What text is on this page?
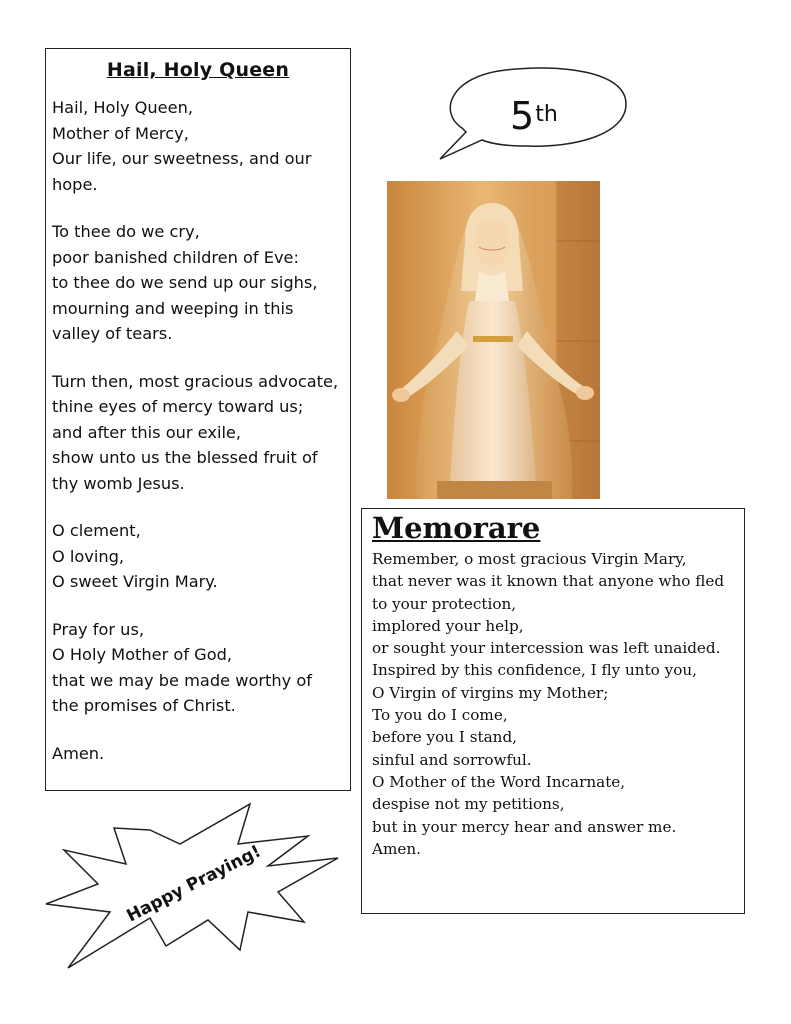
Hail, Holy Queen
Hail, Holy Queen,
Mother of Mercy,
Our life, our sweetness, and our
hope.
To thee do we cry,
poor banished children of Eve:
to thee do we send up our sighs,
mourning and weeping in this
valley of tears.
Turn then, most gracious advocate,
thine eyes of mercy toward us;
and after this our exile,
show unto us the blessed fruit of
thy womb Jesus.
O clement,
O loving,
O sweet Virgin Mary.
Pray for us,
O Holy Mother of God,
that we may be made worthy of
the promises of Christ.
Amen.
5th
Memorare
Remember, o most gracious Virgin Mary,
that never was it known that anyone who fled
to your protection,
implored your help,
or sought your intercession was left unaided.
Inspired by this confidence, I fly unto you,
O Virgin of virgins my Mother;
To you do I come,
before you I stand,
sinful and sorrowful.
O Mother of the Word Incarnate,
despise not my petitions,
but in your mercy hear and answer me.
Amen.
Happy Praying!
